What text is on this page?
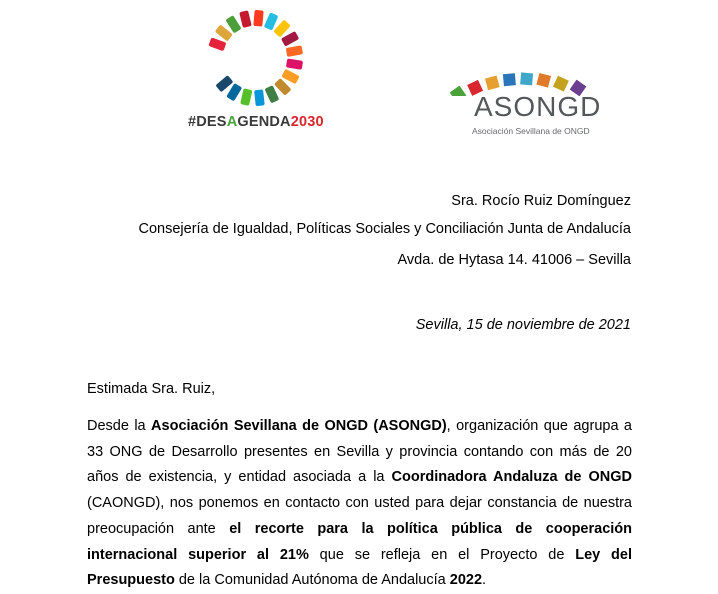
#DESAGENDA2030	ASONGD
Asociación Sevillana de ONGD
Sra. Rocío Ruiz Domínguez
Consejería de Igualdad, Políticas Sociales y Conciliación Junta de Andalucía
Avda. de Hytasa 14. 41006 – Sevilla
Sevilla, 15 de noviembre de 2021
Estimada Sra. Ruiz,

Desde la Asociación Sevillana de ONGD (ASONGD), organización que agrupa a 33 ONG de Desarrollo presentes en Sevilla y provincia contando con más de 20 años de existencia, y entidad asociada a la Coordinadora Andaluza de ONGD (CAONGD), nos ponemos en contacto con usted para dejar constancia de nuestra preocupación ante el recorte para la política pública de cooperación internacional superior al 21% que se refleja en el Proyecto de Ley del Presupuesto de la Comunidad Autónoma de Andalucía 2022.
